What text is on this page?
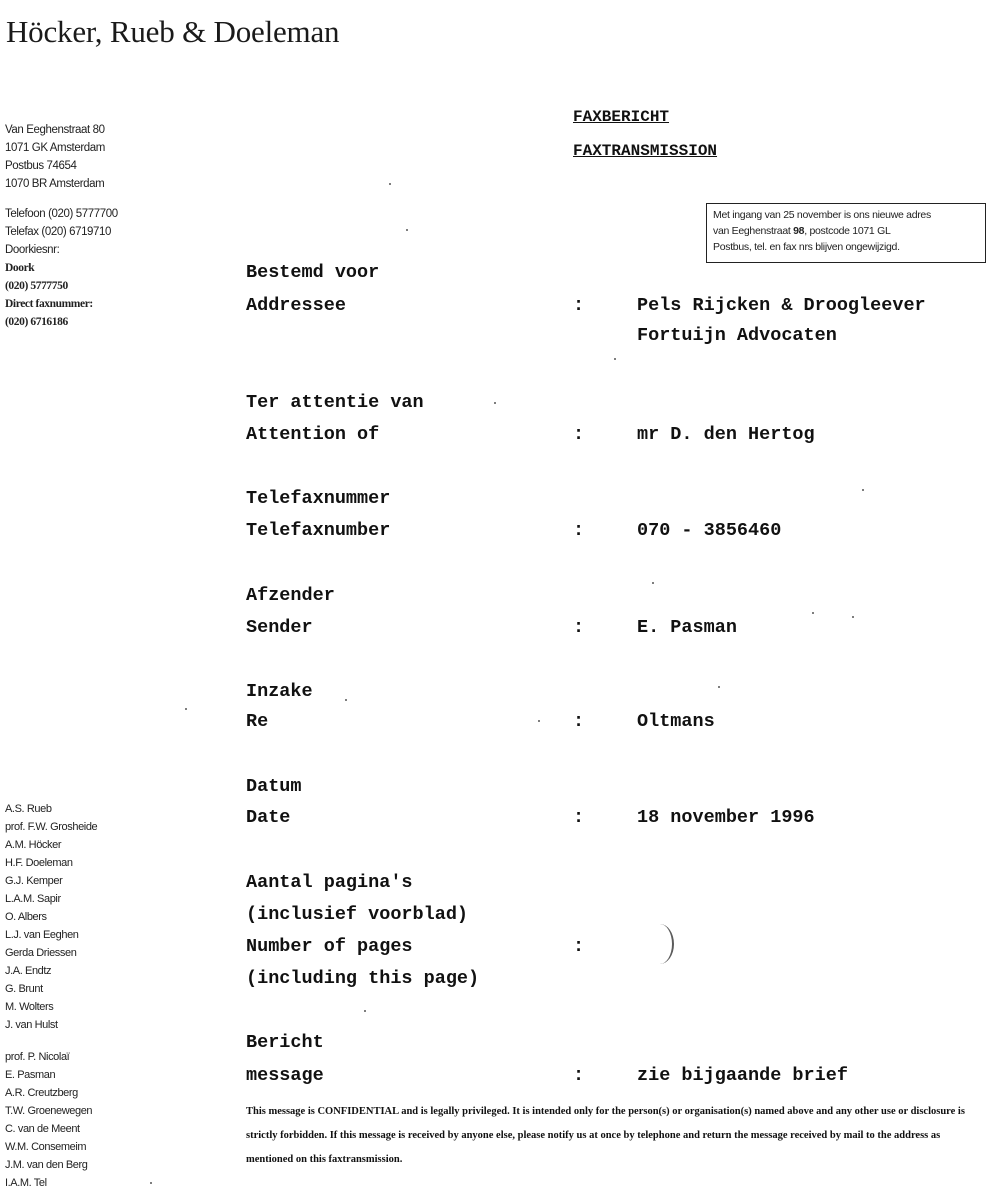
Höcker, Rueb & Doeleman
Van Eeghenstraat 80
1071 GK Amsterdam
Postbus 74654
1070 BR Amsterdam
Telefoon (020) 5777700
Telefax (020) 6719710
Doorkiesnr:
Doork
(020) 5777750
Direct faxnummer:
(020) 6716186
FAXBERICHT
FAXTRANSMISSION
Met ingang van 25 november is ons nieuwe adres
van Eeghenstraat 98, postcode 1071 GL
Postbus, tel. en fax nrs blijven ongewijzigd.
Bestemd voor
Addressee	:	Pels Rijcken & Droogleever
Fortuijn Advocaten
Ter attentie van
Attention of	:	mr D. den Hertog
Telefaxnummer
Telefaxnumber	:	070 - 3856460
Afzender
Sender	:	E. Pasman
Inzake
Re	:	Oltmans
Datum
Date	:	18 november 1996
Aantal pagina's
(inclusief voorblad)
Number of pages
(including this page)
:
Bericht
message	:	zie bijgaande brief
A.S. Rueb
prof. F.W. Grosheide
A.M. Höcker
H.F. Doeleman
G.J. Kemper
L.A.M. Sapir
O. Albers
L.J. van Eeghen
Gerda Driessen
J.A. Endtz
G. Brunt
M. Wolters
J. van Hulst
prof. P. Nicolaï
E. Pasman
A.R. Creutzberg
T.W. Groenewegen
C. van de Meent
W.M. Consemeim
J.M. van den Berg
I.A.M. Tel
This message is CONFIDENTIAL and is legally privileged. It is intended only for the person(s) or organisation(s) named above and any other use or disclosure is strictly forbidden. If this message is received by anyone else, please notify us at once by telephone and return the message received by mail to the address as mentioned on this faxtransmission.
